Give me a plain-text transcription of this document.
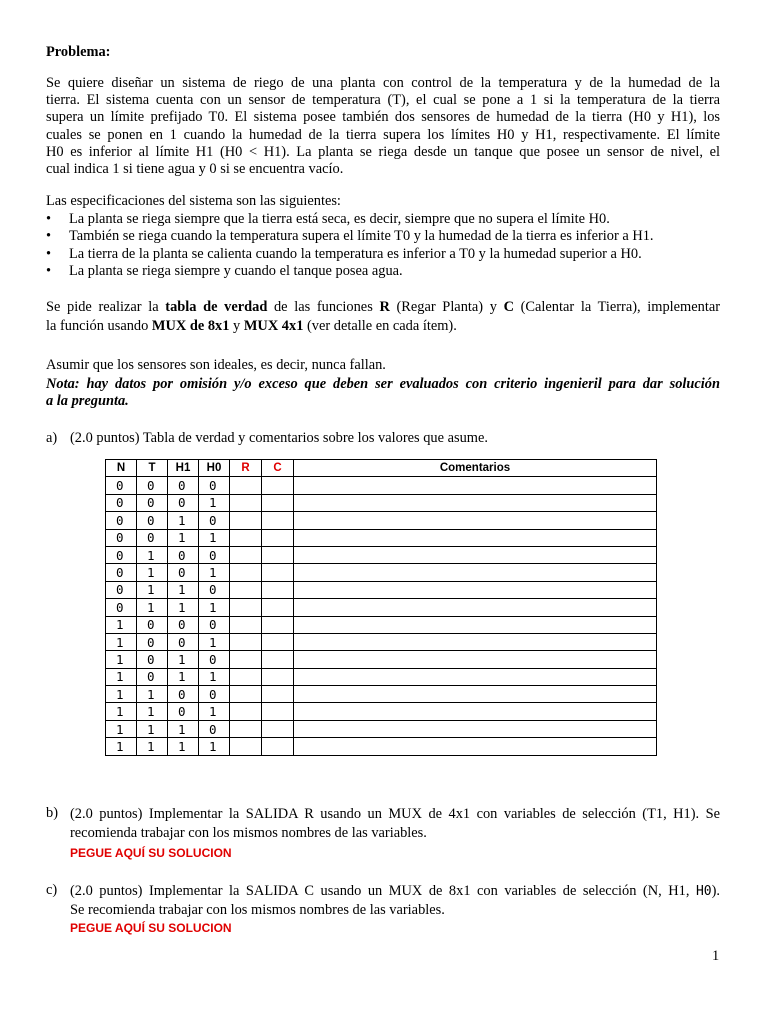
Problema:
Se quiere diseñar un sistema de riego de una planta con control de la temperatura y de la humedad de la
tierra. El sistema cuenta con un sensor de temperatura (T), el cual se pone a 1 si la temperatura de la tierra
supera un límite prefijado T0. El sistema posee también dos sensores de humedad de la tierra (H0 y H1), los
cuales se ponen en 1 cuando la humedad de la tierra supera los límites H0 y H1, respectivamente. El límite
H0 es inferior al límite H1 (H0 < H1). La planta se riega desde un tanque que posee un sensor de nivel, el
cual indica 1 si tiene agua y 0 si se encuentra vacío.
Las especificaciones del sistema son las siguientes:
• La planta se riega siempre que la tierra está seca, es decir, siempre que no supera el límite H0.
• También se riega cuando la temperatura supera el límite T0 y la humedad de la tierra es inferior a H1.
• La tierra de la planta se calienta cuando la temperatura es inferior a T0 y la humedad superior a H0.
• La planta se riega siempre y cuando el tanque posea agua.
Se pide realizar la tabla de verdad de las funciones R (Regar Planta) y C (Calentar la Tierra), implementar
la función usando MUX de 8x1 y MUX 4x1 (ver detalle en cada ítem).
Asumir que los sensores son ideales, es decir, nunca fallan.
Nota: hay datos por omisión y/o exceso que deben ser evaluados con criterio ingenieril para dar solución
a la pregunta.
a) (2.0 puntos) Tabla de verdad y comentarios sobre los valores que asume.
N	T	H1	H0	R	C	Comentarios
0	0	0	0			
0	0	0	1			
0	0	1	0			
0	0	1	1			
0	1	0	0			
0	1	0	1			
0	1	1	0			
0	1	1	1			
1	0	0	0			
1	0	0	1			
1	0	1	0			
1	0	1	1			
1	1	0	0			
1	1	0	1			
1	1	1	0			
1	1	1	1			
b) (2.0 puntos) Implementar la SALIDA R usando un MUX de 4x1 con variables de selección (T1, H1). Se
recomienda trabajar con los mismos nombres de las variables.
PEGUE AQUÍ SU SOLUCION
c) (2.0 puntos) Implementar la SALIDA C usando un MUX de 8x1 con variables de selección (N, H1, H0).
Se recomienda trabajar con los mismos nombres de las variables.
PEGUE AQUÍ SU SOLUCION
1
